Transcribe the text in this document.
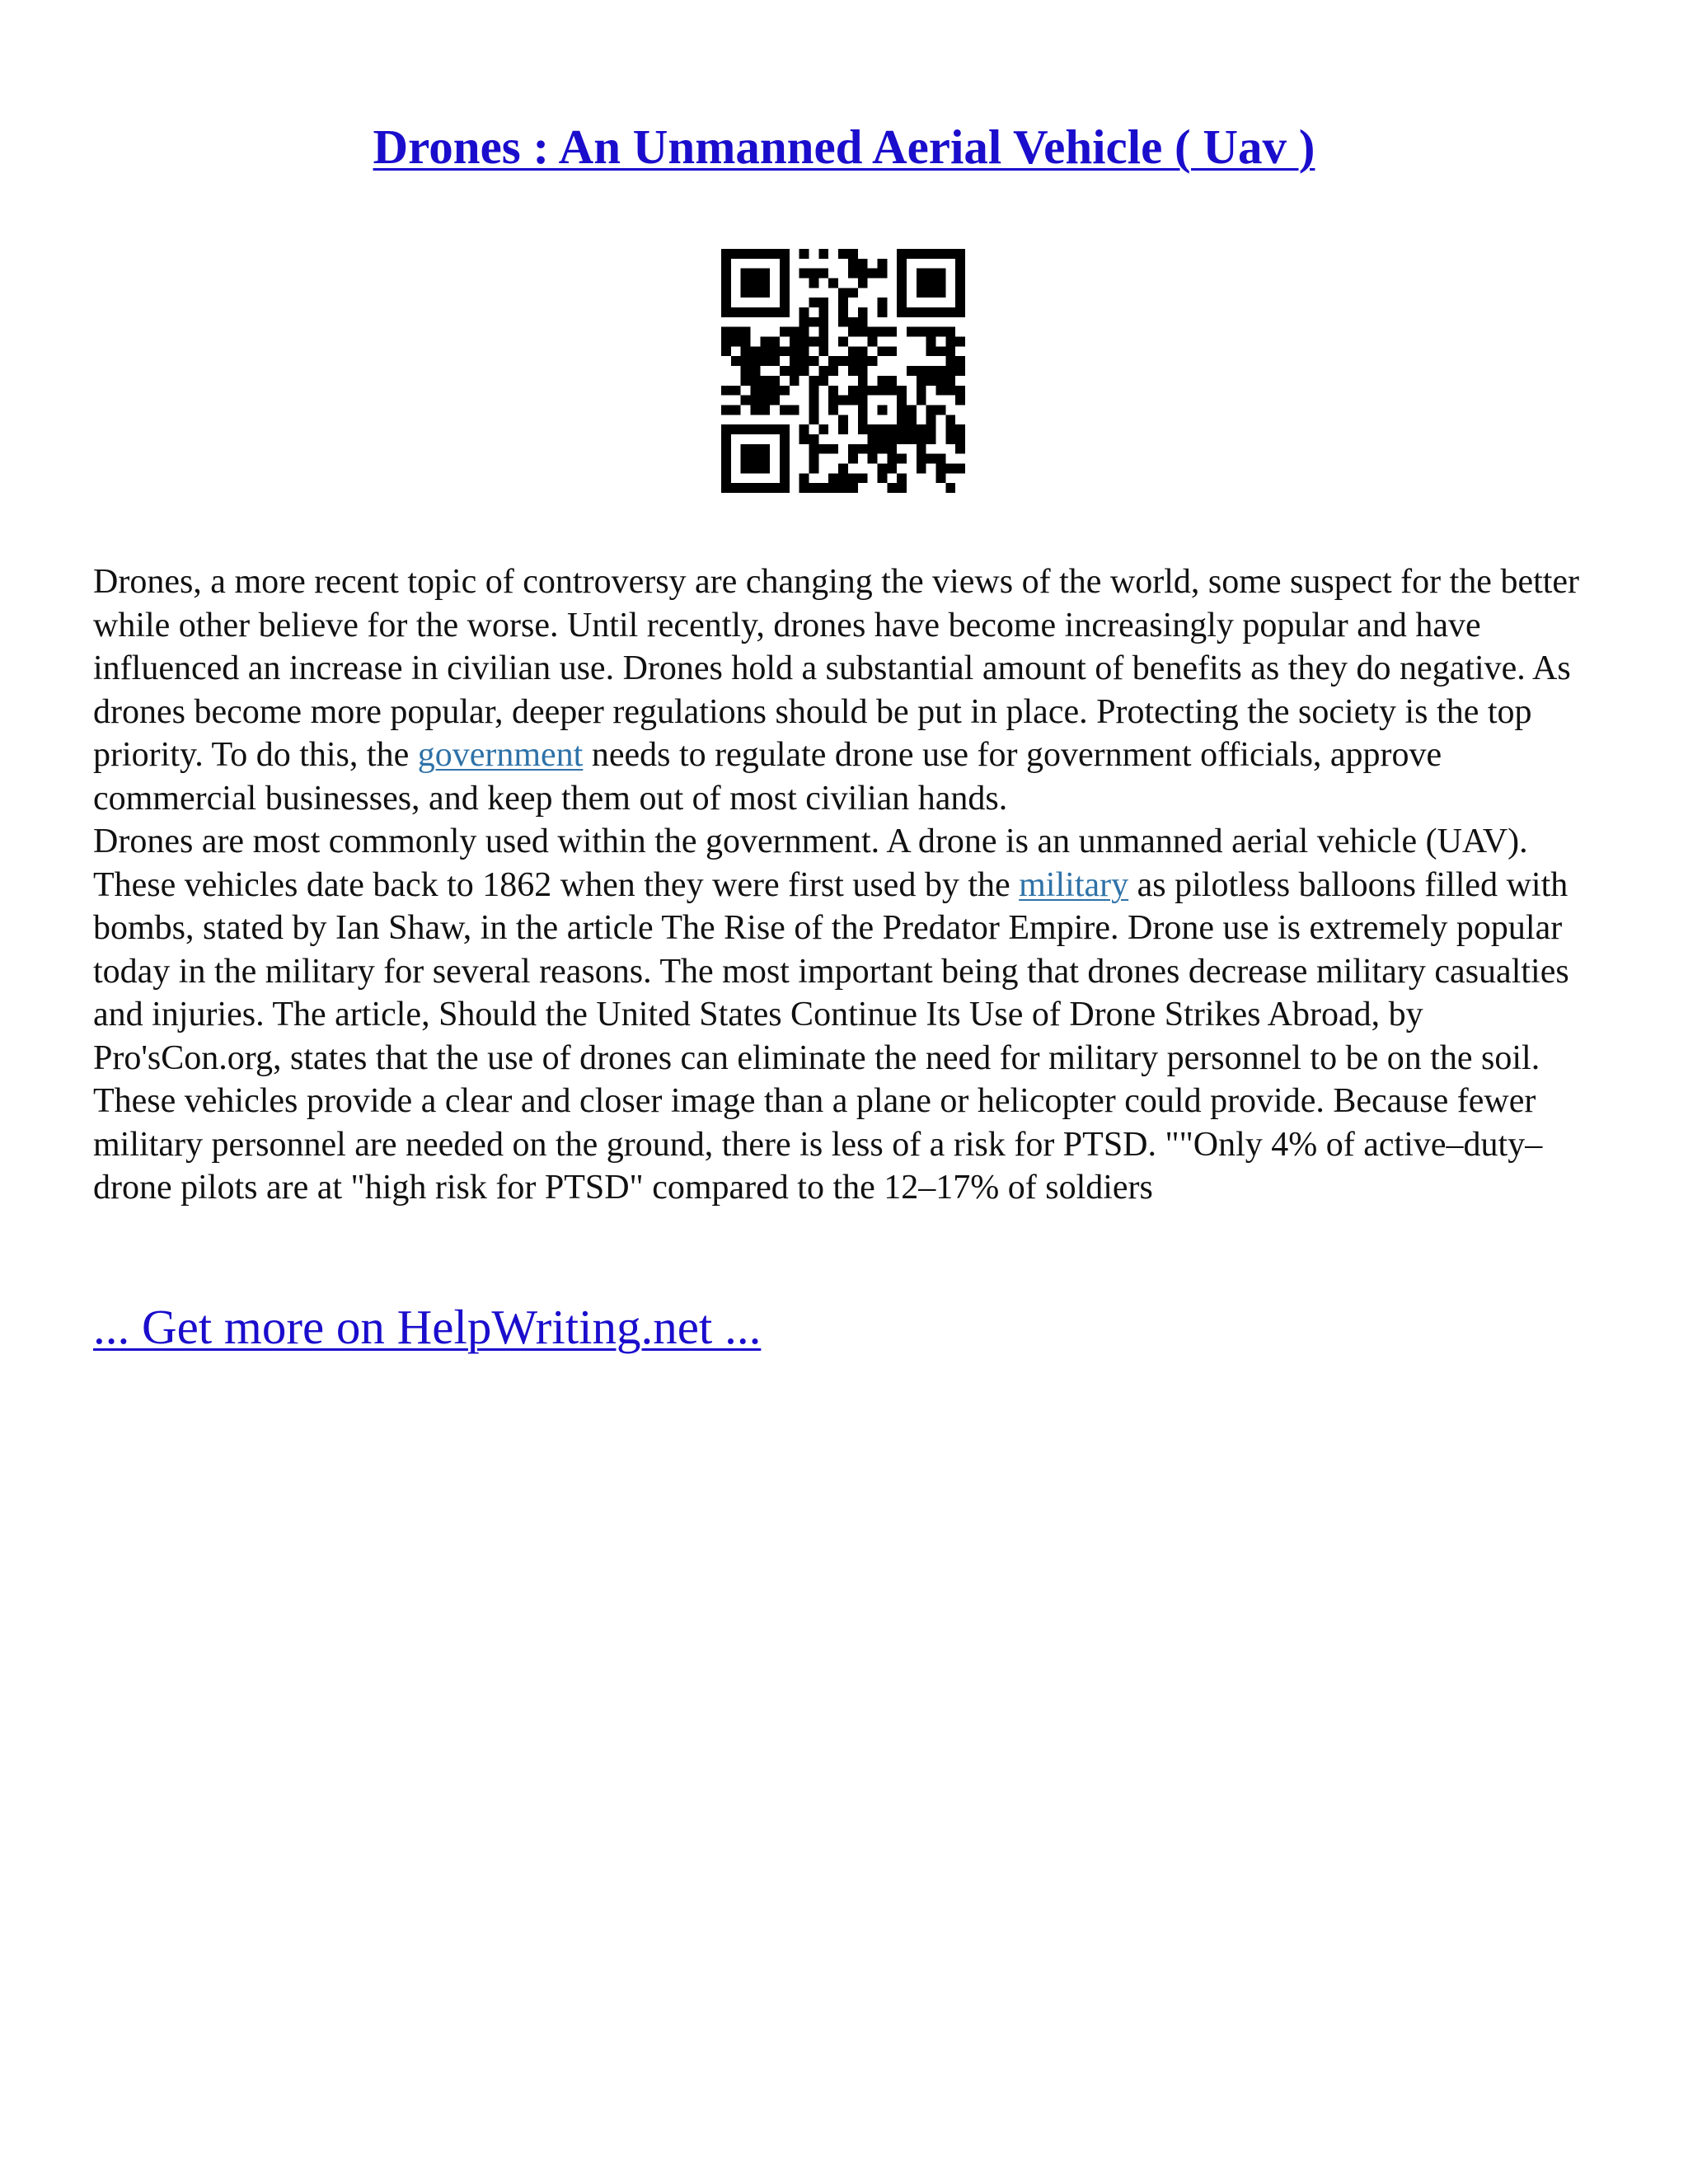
Drones : An Unmanned Aerial Vehicle ( Uav )

Drones, a more recent topic of controversy are changing the views of the world, some suspect for the better while other believe for the worse. Until recently, drones have become increasingly popular and have influenced an increase in civilian use. Drones hold a substantial amount of benefits as they do negative. As drones become more popular, deeper regulations should be put in place. Protecting the society is the top priority. To do this, the government needs to regulate drone use for government officials, approve commercial businesses, and keep them out of most civilian hands.

Drones are most commonly used within the government. A drone is an unmanned aerial vehicle (UAV). These vehicles date back to 1862 when they were first used by the military as pilotless balloons filled with bombs, stated by Ian Shaw, in the article The Rise of the Predator Empire. Drone use is extremely popular today in the military for several reasons. The most important being that drones decrease military casualties and injuries. The article, Should the United States Continue Its Use of Drone Strikes Abroad, by Pro'sCon.org, states that the use of drones can eliminate the need for military personnel to be on the soil. These vehicles provide a clear and closer image than a plane or helicopter could provide. Because fewer military personnel are needed on the ground, there is less of a risk for PTSD. ""Only 4% of active–duty–drone pilots are at "high risk for PTSD" compared to the 12–17% of soldiers

... Get more on HelpWriting.net ...
